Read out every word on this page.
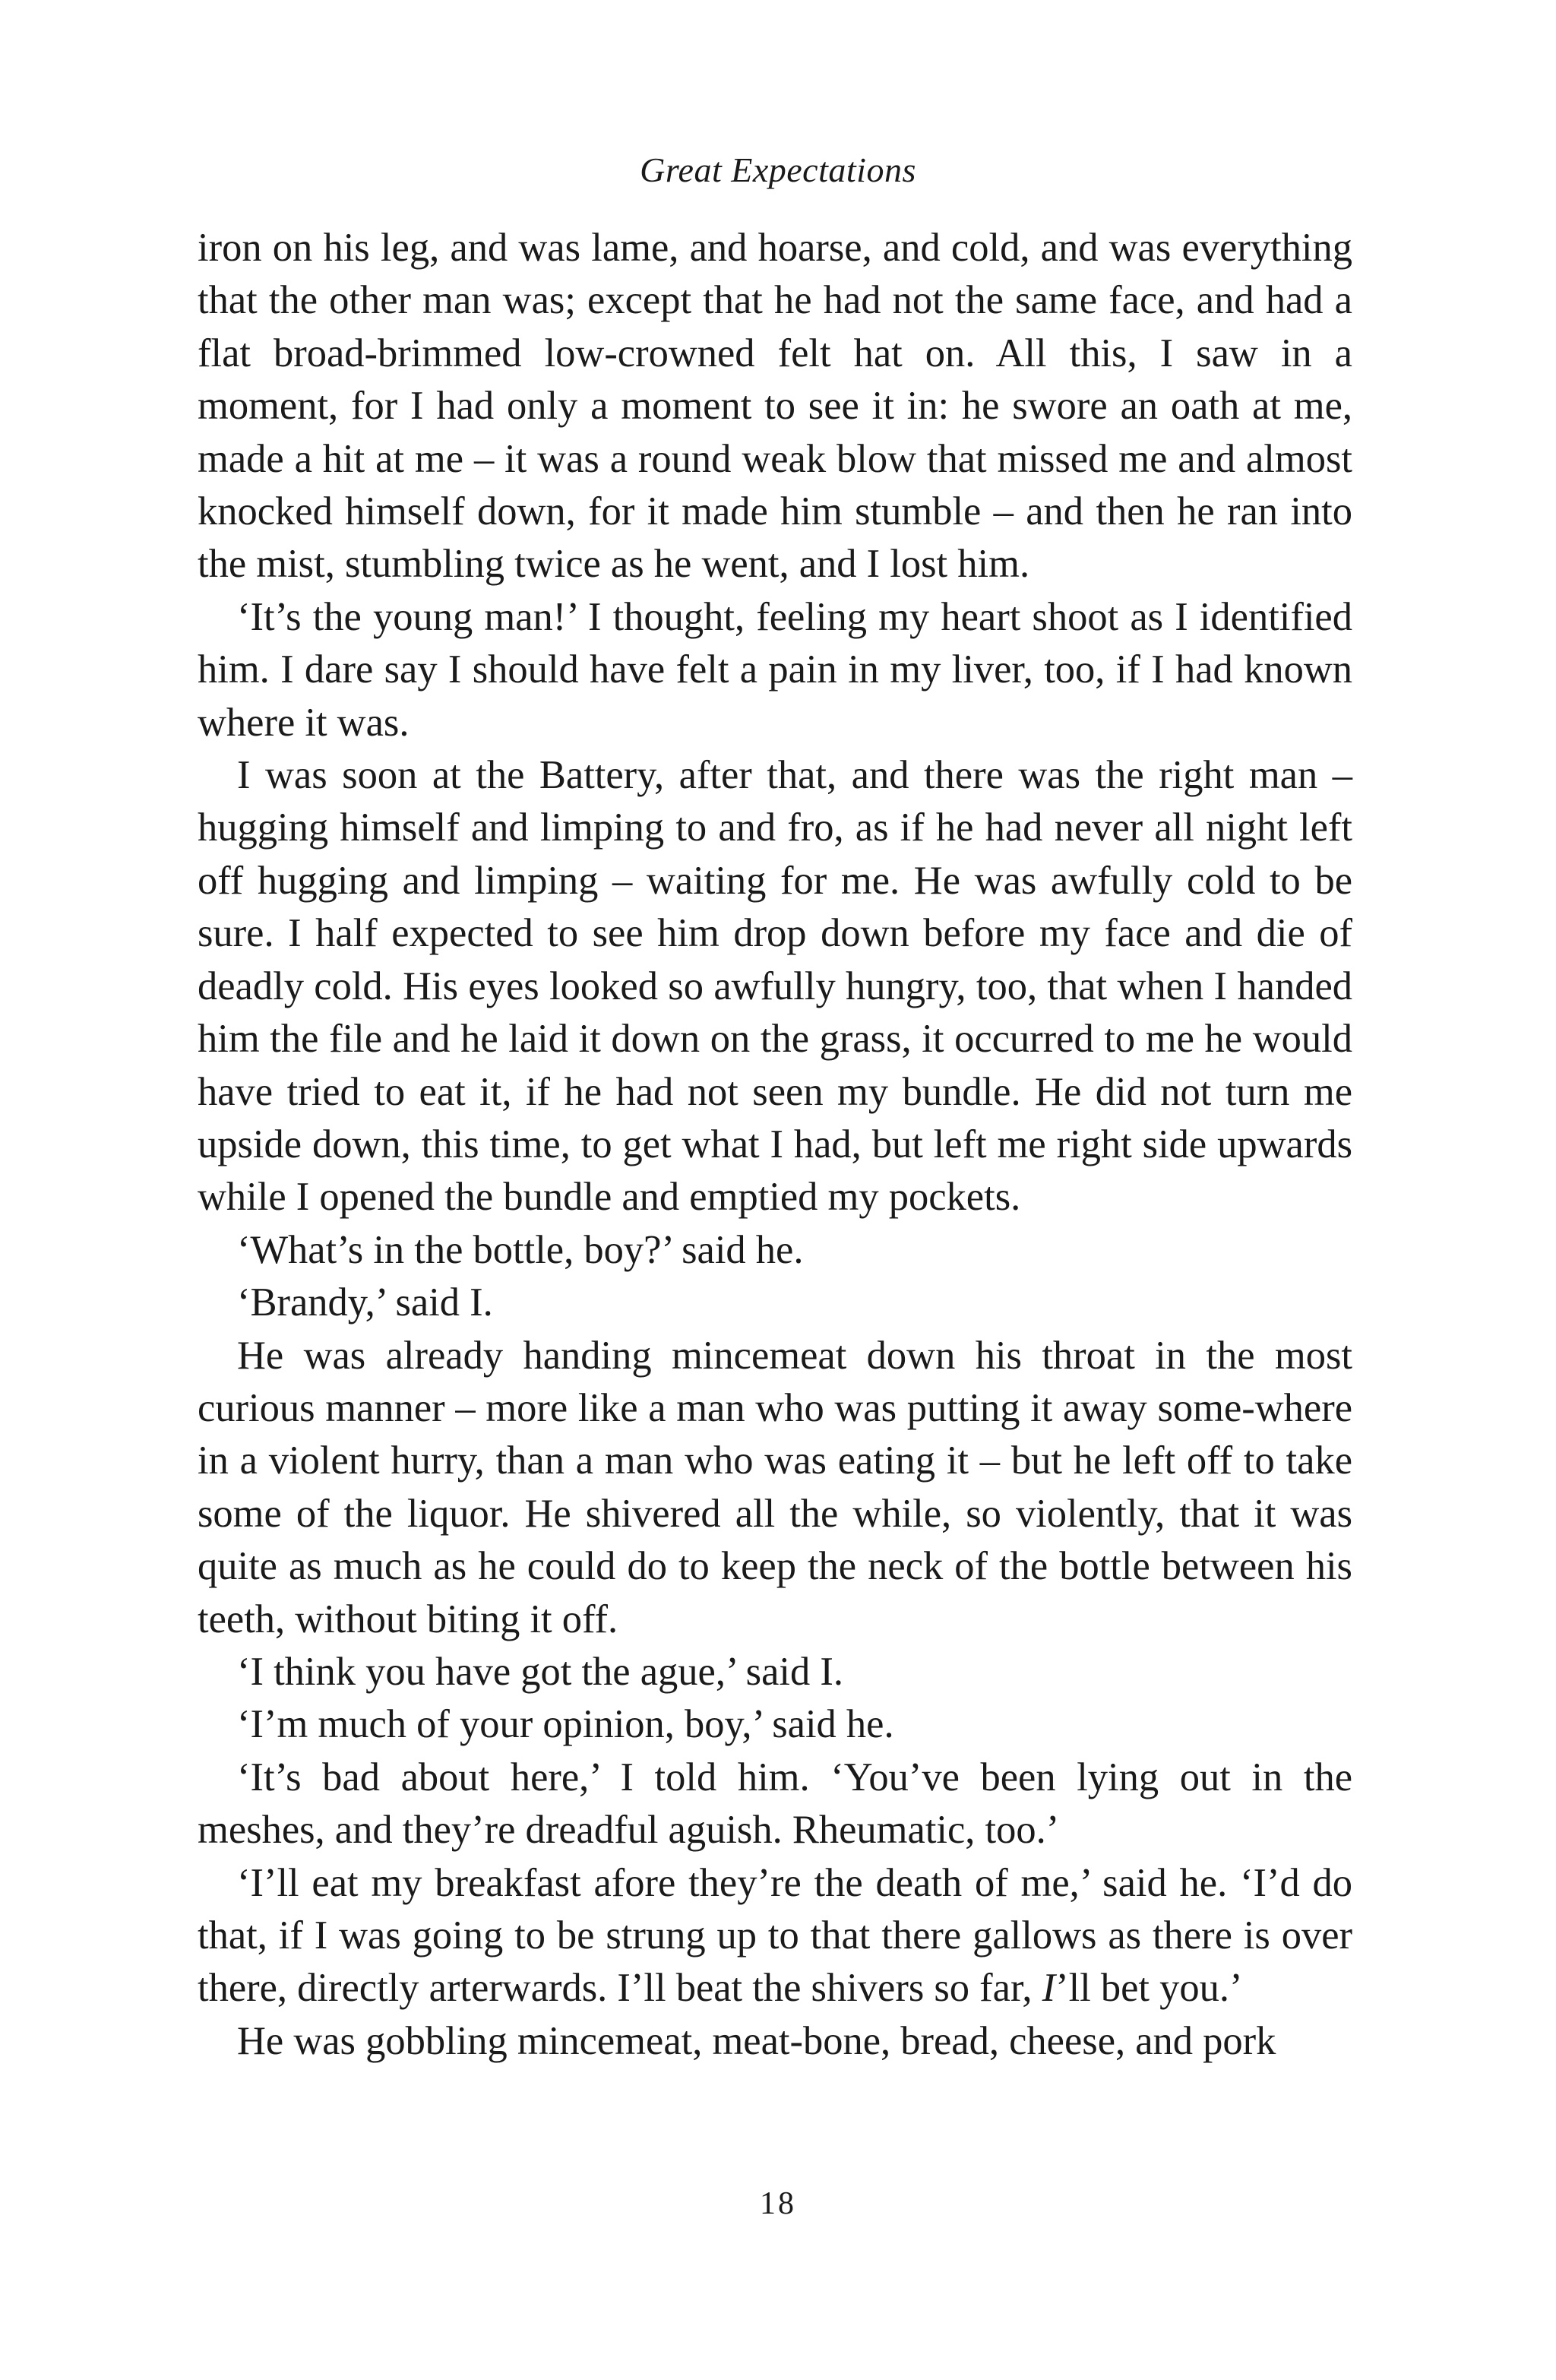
Great Expectations

iron on his leg, and was lame, and hoarse, and cold, and was everything that the other man was; except that he had not the same face, and had a flat broad-brimmed low-crowned felt hat on. All this, I saw in a moment, for I had only a moment to see it in: he swore an oath at me, made a hit at me – it was a round weak blow that missed me and almost knocked himself down, for it made him stumble – and then he ran into the mist, stumbling twice as he went, and I lost him.

‘It’s the young man!’ I thought, feeling my heart shoot as I identified him. I dare say I should have felt a pain in my liver, too, if I had known where it was.

I was soon at the Battery, after that, and there was the right man – hugging himself and limping to and fro, as if he had never all night left off hugging and limping – waiting for me. He was awfully cold to be sure. I half expected to see him drop down before my face and die of deadly cold. His eyes looked so awfully hungry, too, that when I handed him the file and he laid it down on the grass, it occurred to me he would have tried to eat it, if he had not seen my bundle. He did not turn me upside down, this time, to get what I had, but left me right side upwards while I opened the bundle and emptied my pockets.

‘What’s in the bottle, boy?’ said he.

‘Brandy,’ said I.

He was already handing mincemeat down his throat in the most curious manner – more like a man who was putting it away some-where in a violent hurry, than a man who was eating it – but he left off to take some of the liquor. He shivered all the while, so violently, that it was quite as much as he could do to keep the neck of the bottle between his teeth, without biting it off.

‘I think you have got the ague,’ said I.

‘I’m much of your opinion, boy,’ said he.

‘It’s bad about here,’ I told him. ‘You’ve been lying out in the meshes, and they’re dreadful aguish. Rheumatic, too.’

‘I’ll eat my breakfast afore they’re the death of me,’ said he. ‘I’d do that, if I was going to be strung up to that there gallows as there is over there, directly arterwards. I’ll beat the shivers so far, I’ll bet you.’

He was gobbling mincemeat, meat-bone, bread, cheese, and pork

18
